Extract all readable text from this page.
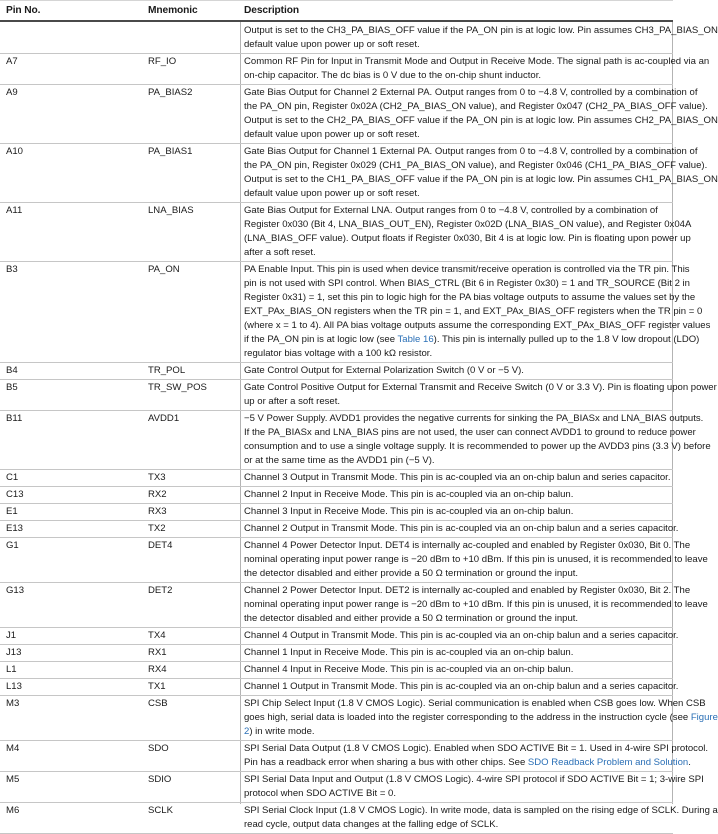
Pin No.	Mnemonic	Description
Output is set to the CH3_PA_BIAS_OFF value if the PA_ON pin is at logic low. Pin assumes CH3_PA_BIAS_ON
default value upon power up or soft reset.
A7	RF_IO	Common RF Pin for Input in Transmit Mode and Output in Receive Mode. The signal path is ac-coupled via an
on-chip capacitor. The dc bias is 0 V due to the on-chip shunt inductor.
A9	PA_BIAS2	Gate Bias Output for Channel 2 External PA. Output ranges from 0 to −4.8 V, controlled by a combination of
the PA_ON pin, Register 0x02A (CH2_PA_BIAS_ON value), and Register 0x047 (CH2_PA_BIAS_OFF value).
Output is set to the CH2_PA_BIAS_OFF value if the PA_ON pin is at logic low. Pin assumes CH2_PA_BIAS_ON
default value upon power up or soft reset.
A10	PA_BIAS1	Gate Bias Output for Channel 1 External PA. Output ranges from 0 to −4.8 V, controlled by a combination of
the PA_ON pin, Register 0x029 (CH1_PA_BIAS_ON value), and Register 0x046 (CH1_PA_BIAS_OFF value).
Output is set to the CH1_PA_BIAS_OFF value if the PA_ON pin is at logic low. Pin assumes CH1_PA_BIAS_ON
default value upon power up or soft reset.
A11	LNA_BIAS	Gate Bias Output for External LNA. Output ranges from 0 to −4.8 V, controlled by a combination of
Register 0x030 (Bit 4, LNA_BIAS_OUT_EN), Register 0x02D (LNA_BIAS_ON value), and Register 0x04A
(LNA_BIAS_OFF value). Output floats if Register 0x030, Bit 4 is at logic low. Pin is floating upon power up
after a soft reset.
B3	PA_ON	PA Enable Input. This pin is used when device transmit/receive operation is controlled via the TR pin. This
pin is not used with SPI control. When BIAS_CTRL (Bit 6 in Register 0x30) = 1 and TR_SOURCE (Bit 2 in
Register 0x31) = 1, set this pin to logic high for the PA bias voltage outputs to assume the values set by the
EXT_PAx_BIAS_ON registers when the TR pin = 1, and EXT_PAx_BIAS_OFF registers when the TR pin = 0
(where x = 1 to 4). All PA bias voltage outputs assume the corresponding EXT_PAx_BIAS_OFF register values
if the PA_ON pin is at logic low (see Table 16). This pin is internally pulled up to the 1.8 V low dropout (LDO)
regulator bias voltage with a 100 kΩ resistor.
B4	TR_POL	Gate Control Output for External Polarization Switch (0 V or −5 V).
B5	TR_SW_POS	Gate Control Positive Output for External Transmit and Receive Switch (0 V or 3.3 V). Pin is floating upon power
up or after a soft reset.
B11	AVDD1	−5 V Power Supply. AVDD1 provides the negative currents for sinking the PA_BIASx and LNA_BIAS outputs.
If the PA_BIASx and LNA_BIAS pins are not used, the user can connect AVDD1 to ground to reduce power
consumption and to use a single voltage supply. It is recommended to power up the AVDD3 pins (3.3 V) before
or at the same time as the AVDD1 pin (−5 V).
C1	TX3	Channel 3 Output in Transmit Mode. This pin is ac-coupled via an on-chip balun and series capacitor.
C13	RX2	Channel 2 Input in Receive Mode. This pin is ac-coupled via an on-chip balun.
E1	RX3	Channel 3 Input in Receive Mode. This pin is ac-coupled via an on-chip balun.
E13	TX2	Channel 2 Output in Transmit Mode. This pin is ac-coupled via an on-chip balun and a series capacitor.
G1	DET4	Channel 4 Power Detector Input. DET4 is internally ac-coupled and enabled by Register 0x030, Bit 0. The
nominal operating input power range is −20 dBm to +10 dBm. If this pin is unused, it is recommended to leave
the detector disabled and either provide a 50 Ω termination or ground the input.
G13	DET2	Channel 2 Power Detector Input. DET2 is internally ac-coupled and enabled by Register 0x030, Bit 2. The
nominal operating input power range is −20 dBm to +10 dBm. If this pin is unused, it is recommended to leave
the detector disabled and either provide a 50 Ω termination or ground the input.
J1	TX4	Channel 4 Output in Transmit Mode. This pin is ac-coupled via an on-chip balun and a series capacitor.
J13	RX1	Channel 1 Input in Receive Mode. This pin is ac-coupled via an on-chip balun.
L1	RX4	Channel 4 Input in Receive Mode. This pin is ac-coupled via an on-chip balun.
L13	TX1	Channel 1 Output in Transmit Mode. This pin is ac-coupled via an on-chip balun and a series capacitor.
M3	CSB	SPI Chip Select Input (1.8 V CMOS Logic). Serial communication is enabled when CSB goes low. When CSB
goes high, serial data is loaded into the register corresponding to the address in the instruction cycle (see Figure
2) in write mode.
M4	SDO	SPI Serial Data Output (1.8 V CMOS Logic). Enabled when SDO ACTIVE Bit = 1. Used in 4-wire SPI protocol.
Pin has a readback error when sharing a bus with other chips. See SDO Readback Problem and Solution.
M5	SDIO	SPI Serial Data Input and Output (1.8 V CMOS Logic). 4-wire SPI protocol if SDO ACTIVE Bit = 1; 3-wire SPI
protocol when SDO ACTIVE Bit = 0.
M6	SCLK	SPI Serial Clock Input (1.8 V CMOS Logic). In write mode, data is sampled on the rising edge of SCLK. During a
read cycle, output data changes at the falling edge of SCLK.
